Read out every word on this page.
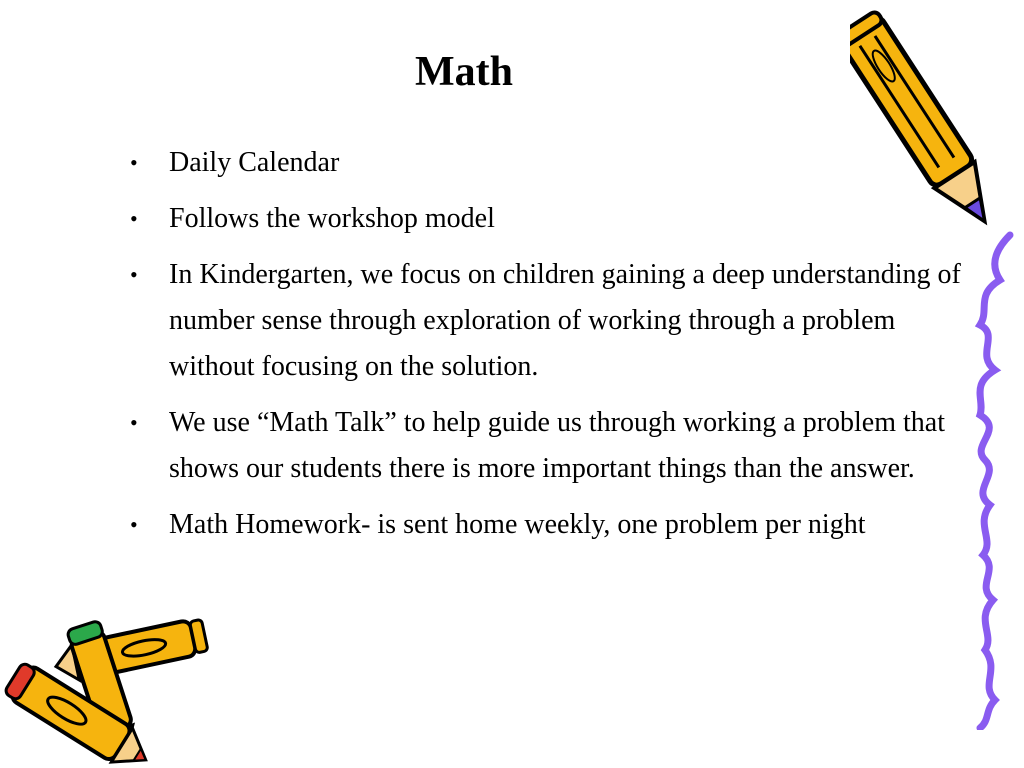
Math
• Daily Calendar
• Follows the workshop model
• In Kindergarten, we focus on children gaining a deep understanding of number sense through exploration of working through a problem without focusing on the solution.
• We use “Math Talk” to help guide us through working a problem that shows our students there is more important things than the answer.
• Math Homework- is sent home weekly, one problem per night
